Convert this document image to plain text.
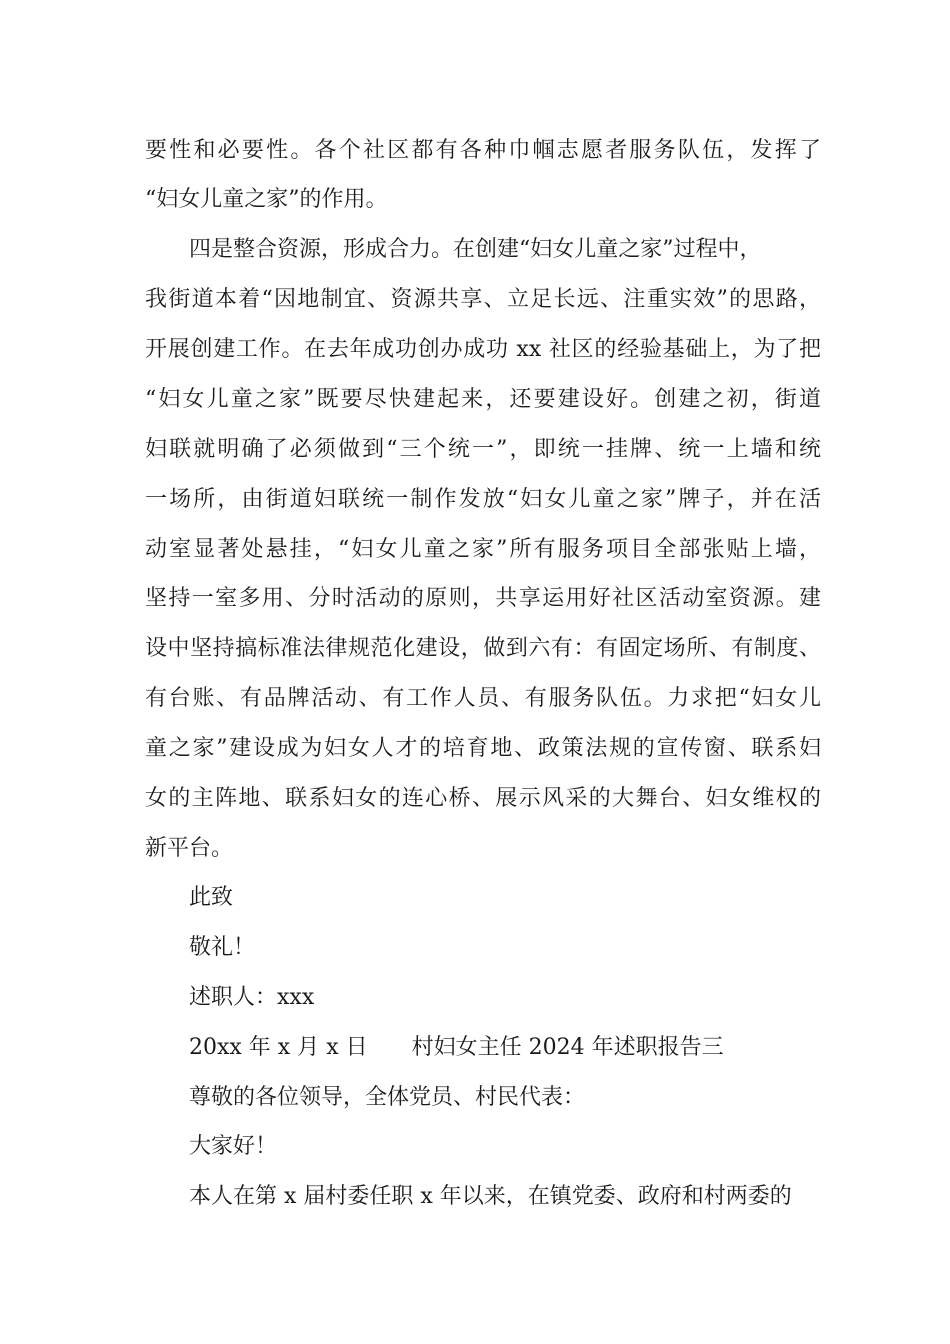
要性和必要性。各个社区都有各种巾帼志愿者服务队伍，发挥了
“妇女儿童之家”的作用。
四是整合资源，形成合力。在创建“妇女儿童之家”过程中，
我街道本着“因地制宜、资源共享、立足长远、注重实效”的思路，
开展创建工作。在去年成功创办成功 xx 社区的经验基础上，为了把
“妇女儿童之家”既要尽快建起来，还要建设好。创建之初，街道
妇联就明确了必须做到“三个统一”，即统一挂牌、统一上墙和统
一场所，由街道妇联统一制作发放“妇女儿童之家”牌子，并在活
动室显著处悬挂，“妇女儿童之家”所有服务项目全部张贴上墙，
坚持一室多用、分时活动的原则，共享运用好社区活动室资源。建
设中坚持搞标准法律规范化建设，做到六有：有固定场所、有制度、
有台账、有品牌活动、有工作人员、有服务队伍。力求把“妇女儿
童之家”建设成为妇女人才的培育地、政策法规的宣传窗、联系妇
女的主阵地、联系妇女的连心桥、展示风采的大舞台、妇女维权的
新平台。
此致
敬礼！
述职人：xxx
20xx 年 x 月 x 日　　村妇女主任 2024 年述职报告三
尊敬的各位领导，全体党员、村民代表：
大家好！
本人在第 x 届村委任职 x 年以来，在镇党委、政府和村两委的
